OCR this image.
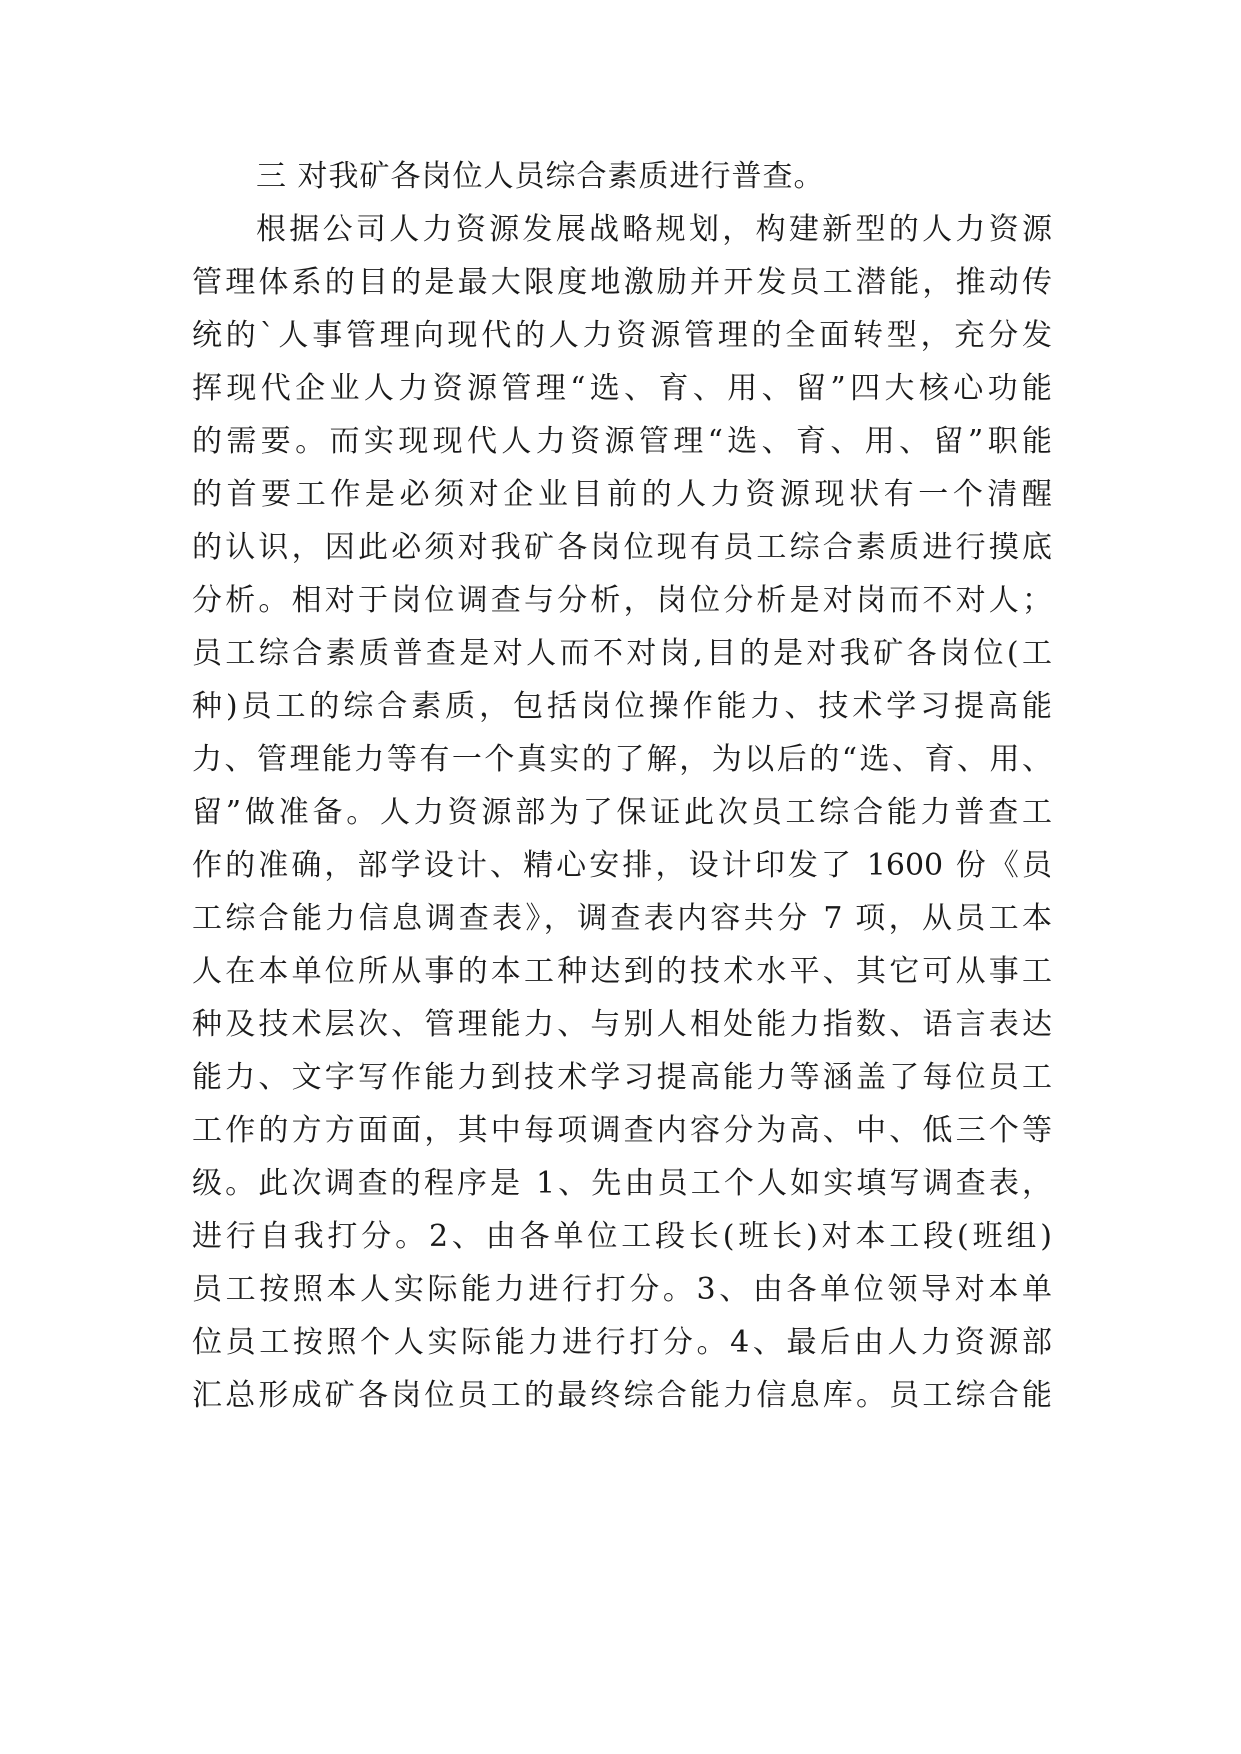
三 对我矿各岗位人员综合素质进行普查。
根据公司人力资源发展战略规划，构建新型的人力资源
管理体系的目的是最大限度地激励并开发员工潜能，推动传
统的`人事管理向现代的人力资源管理的全面转型，充分发
挥现代企业人力资源管理“选、育、用、留”四大核心功能
的需要。而实现现代人力资源管理“选、育、用、留”职能
的首要工作是必须对企业目前的人力资源现状有一个清醒
的认识，因此必须对我矿各岗位现有员工综合素质进行摸底
分析。相对于岗位调查与分析，岗位分析是对岗而不对人；
员工综合素质普查是对人而不对岗,目的是对我矿各岗位(工
种)员工的综合素质，包括岗位操作能力、技术学习提高能
力、管理能力等有一个真实的了解，为以后的“选、育、用、
留”做准备。人力资源部为了保证此次员工综合能力普查工
作的准确，部学设计、精心安排，设计印发了 1600 份《员
工综合能力信息调查表》，调查表内容共分 7 项，从员工本
人在本单位所从事的本工种达到的技术水平、其它可从事工
种及技术层次、管理能力、与别人相处能力指数、语言表达
能力、文字写作能力到技术学习提高能力等涵盖了每位员工
工作的方方面面，其中每项调查内容分为高、中、低三个等
级。此次调查的程序是 1、先由员工个人如实填写调查表，
进行自我打分。2、由各单位工段长(班长)对本工段(班组)
员工按照本人实际能力进行打分。3、由各单位领导对本单
位员工按照个人实际能力进行打分。4、最后由人力资源部
汇总形成矿各岗位员工的最终综合能力信息库。员工综合能
